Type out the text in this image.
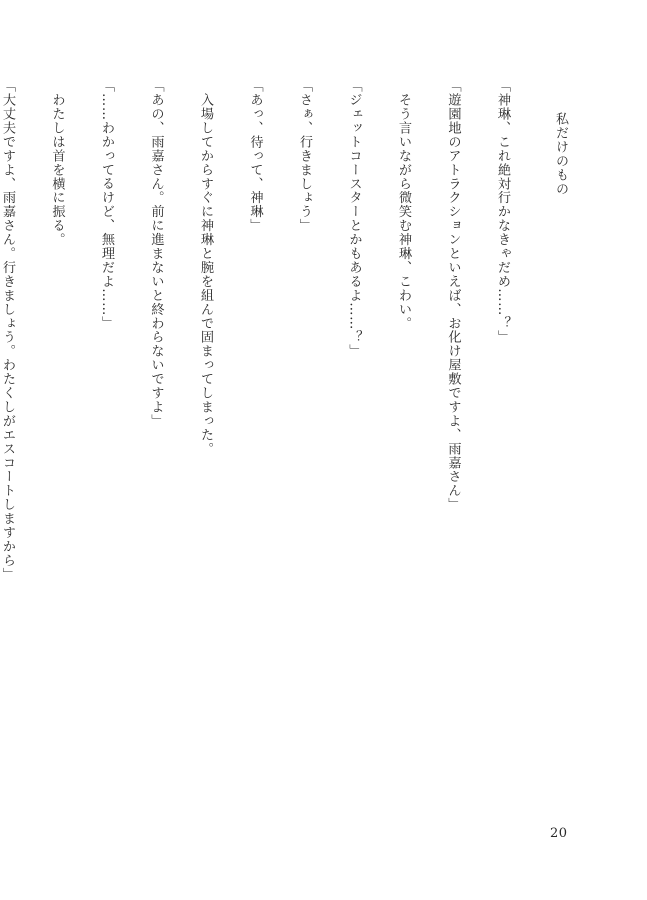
私だけのもの

「神琳、これ絶対行かなきゃだめ……？」

「遊園地のアトラクションといえば、お化け屋敷ですよ、雨嘉さん」

　そう言いながら微笑む神琳、こわい。

「ジェットコースターとかもあるよ……？」

「さぁ、行きましょう」

「あっ、待って、神琳」

　入場してからすぐに神琳と腕を組んで固まってしまった。

「あの、雨嘉さん。前に進まないと終わらないですよ」

「……わかってるけど、無理だよ……」

　わたしは首を横に振る。

「大丈夫ですよ、雨嘉さん。行きましょう。わたくしがエスコートしますから」

20
